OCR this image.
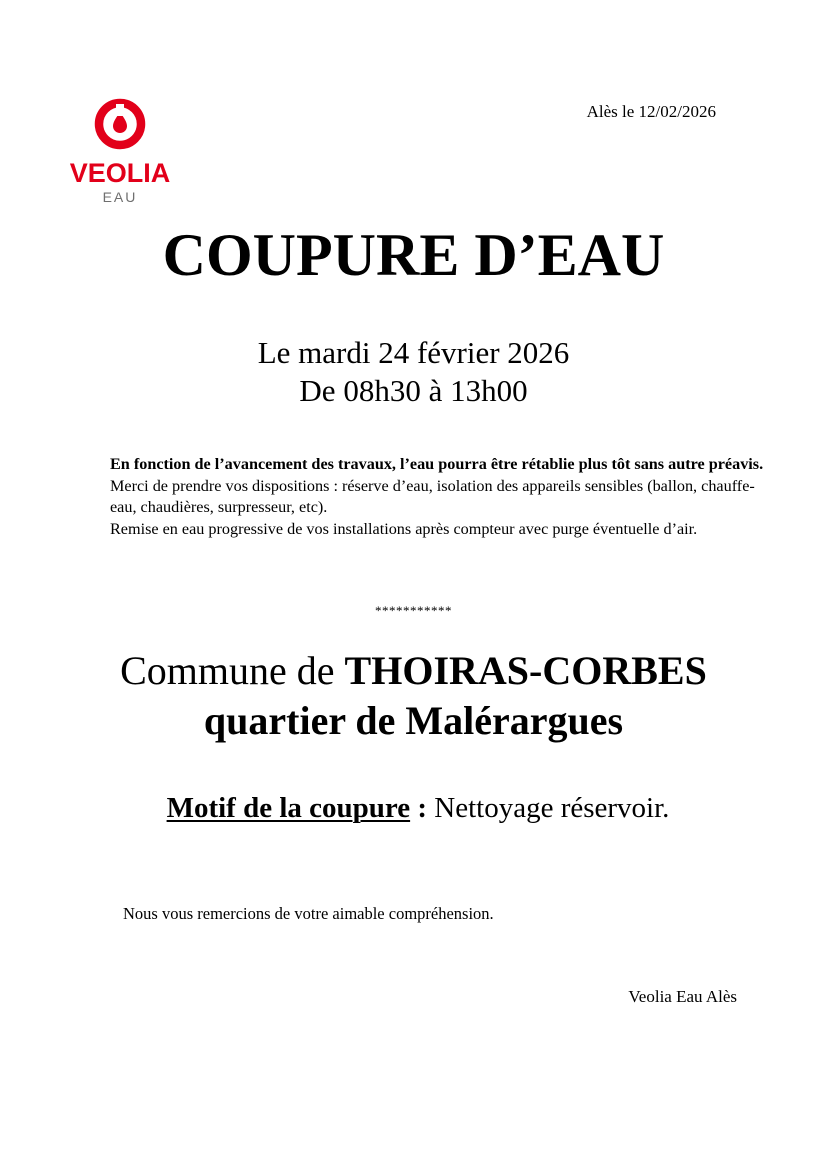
VEOLIA
EAU
Alès le 12/02/2026
COUPURE D’EAU
Le mardi 24 février 2026
De 08h30 à 13h00
En fonction de l’avancement des travaux, l’eau pourra être rétablie plus tôt sans autre préavis.
Merci de prendre vos dispositions : réserve d’eau, isolation des appareils sensibles (ballon, chauffe-eau, chaudières, surpresseur, etc).
Remise en eau progressive de vos installations après compteur avec purge éventuelle d’air.
***********
Commune de THOIRAS-CORBES
quartier de Malérargues
Motif de la coupure : Nettoyage réservoir.
Nous vous remercions de votre aimable compréhension.
Veolia Eau Alès
